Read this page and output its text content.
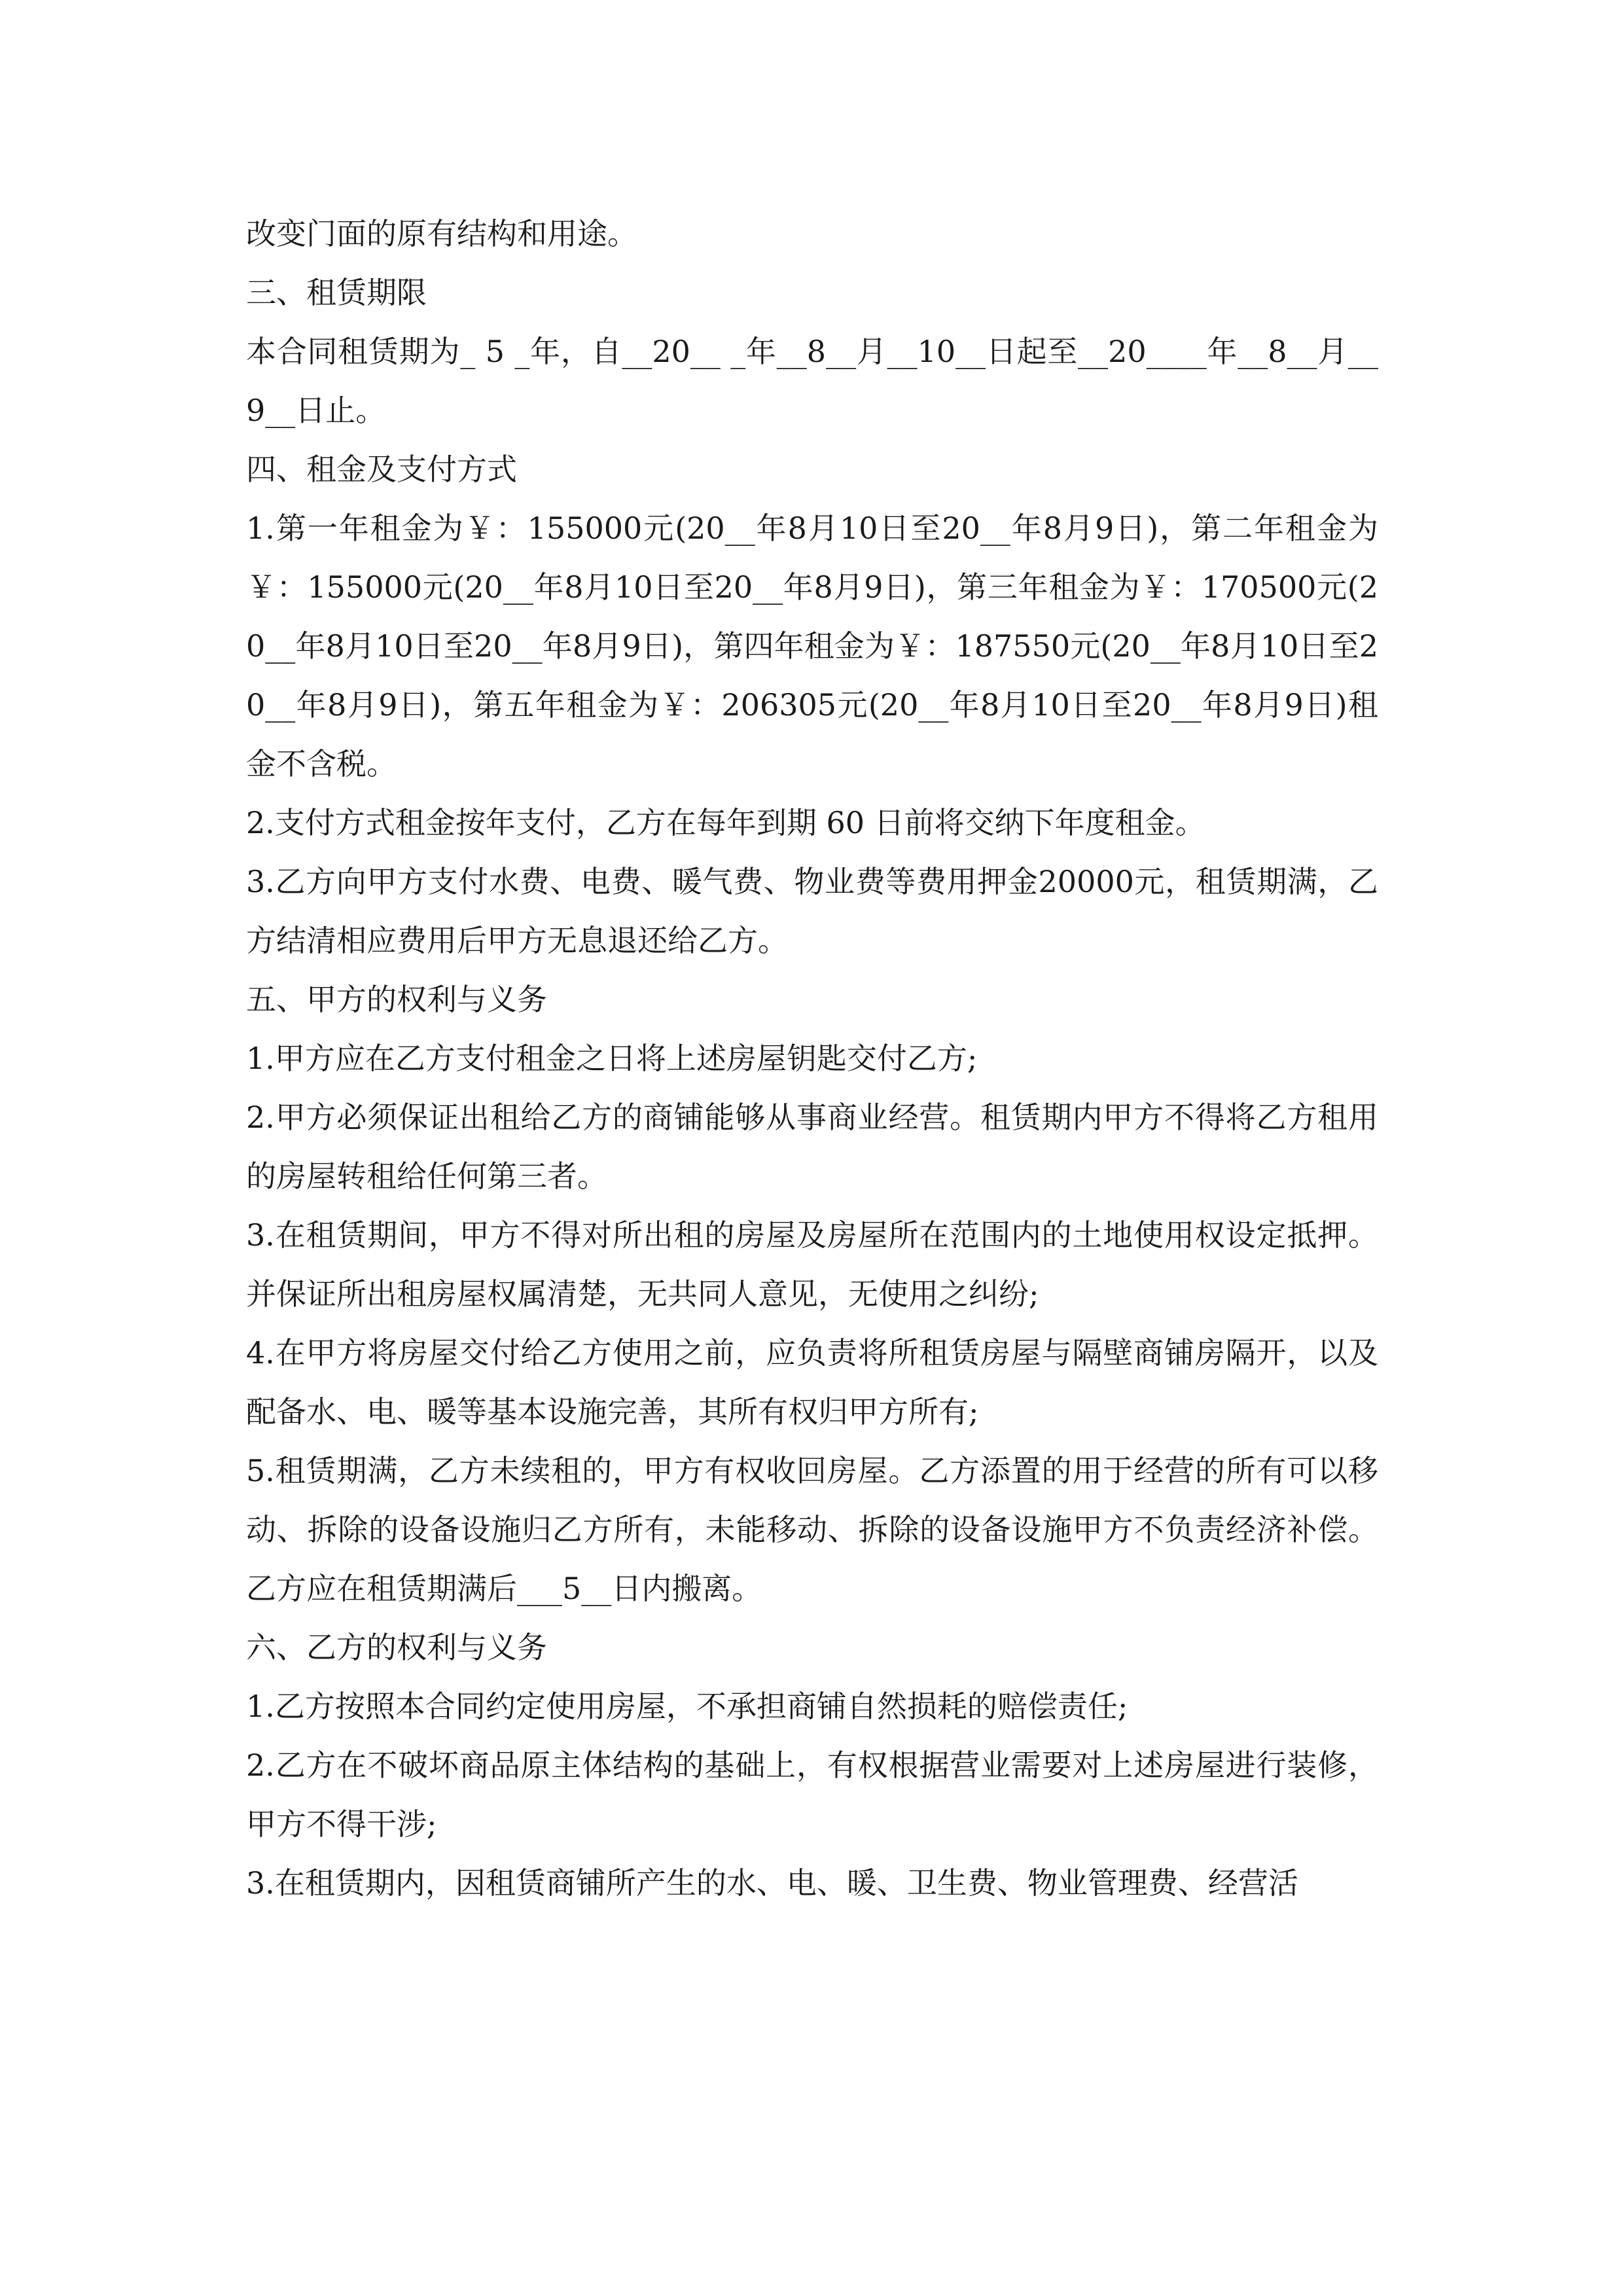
改变门面的原有结构和用途。

三、租赁期限

本合同租赁期为_ 5 _年，自__20__ _年__8__月__10__日起至__20____年__8__月__9__日止。

四、租金及支付方式

1.第一年租金为￥：155000元(20__年8月10日至20__年8月9日)，第二年租金为￥：155000元(20__年8月10日至20__年8月9日)，第三年租金为￥：170500元(20__年8月10日至20__年8月9日)，第四年租金为￥：187550元(20__年8月10日至20__年8月9日)，第五年租金为￥：206305元(20__年8月10日至20__年8月9日)租金不含税。

2.支付方式租金按年支付，乙方在每年到期 60 日前将交纳下年度租金。

3.乙方向甲方支付水费、电费、暖气费、物业费等费用押金20000元，租赁期满，乙方结清相应费用后甲方无息退还给乙方。

五、甲方的权利与义务

1.甲方应在乙方支付租金之日将上述房屋钥匙交付乙方;

2.甲方必须保证出租给乙方的商铺能够从事商业经营。租赁期内甲方不得将乙方租用的房屋转租给任何第三者。

3.在租赁期间，甲方不得对所出租的房屋及房屋所在范围内的土地使用权设定抵押。并保证所出租房屋权属清楚，无共同人意见，无使用之纠纷;

4.在甲方将房屋交付给乙方使用之前，应负责将所租赁房屋与隔壁商铺房隔开，以及配备水、电、暖等基本设施完善，其所有权归甲方所有;

5.租赁期满，乙方未续租的，甲方有权收回房屋。乙方添置的用于经营的所有可以移动、拆除的设备设施归乙方所有，未能移动、拆除的设备设施甲方不负责经济补偿。乙方应在租赁期满后___5__日内搬离。

六、乙方的权利与义务

1.乙方按照本合同约定使用房屋，不承担商铺自然损耗的赔偿责任;

2.乙方在不破坏商品原主体结构的基础上，有权根据营业需要对上述房屋进行装修，甲方不得干涉;

3.在租赁期内，因租赁商铺所产生的水、电、暖、卫生费、物业管理费、经营活
